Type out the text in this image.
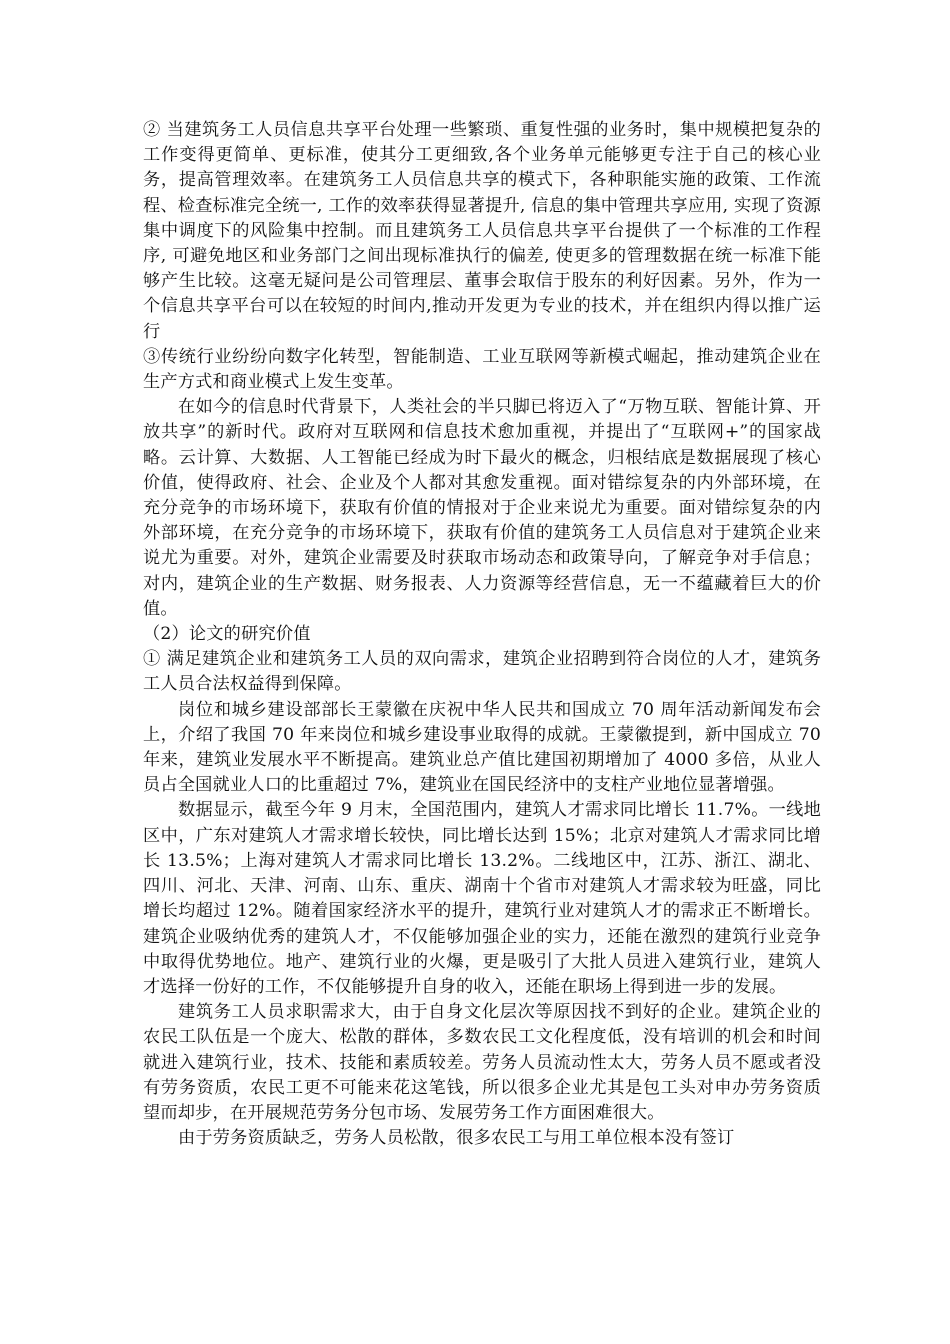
② 当建筑务工人员信息共享平台处理一些繁琐、重复性强的业务时，集中规模把复杂的工作变得更简单、更标准，使其分工更细致,各个业务单元能够更专注于自己的核心业务，提高管理效率。在建筑务工人员信息共享的模式下，各种职能实施的政策、工作流程、检查标准完全统一, 工作的效率获得显著提升, 信息的集中管理共享应用, 实现了资源集中调度下的风险集中控制。而且建筑务工人员信息共享平台提供了一个标准的工作程序, 可避免地区和业务部门之间出现标准执行的偏差, 使更多的管理数据在统一标准下能够产生比较。这毫无疑问是公司管理层、董事会取信于股东的利好因素。另外，作为一个信息共享平台可以在较短的时间内,推动开发更为专业的技术，并在组织内得以推广运行

③传统行业纷纷向数字化转型，智能制造、工业互联网等新模式崛起，推动建筑企业在生产方式和商业模式上发生变革。

在如今的信息时代背景下，人类社会的半只脚已将迈入了“万物互联、智能计算、开放共享”的新时代。政府对互联网和信息技术愈加重视，并提出了“互联网+”的国家战略。云计算、大数据、人工智能已经成为时下最火的概念，归根结底是数据展现了核心价值，使得政府、社会、企业及个人都对其愈发重视。面对错综复杂的内外部环境，在充分竞争的市场环境下，获取有价值的情报对于企业来说尤为重要。面对错综复杂的内外部环境，在充分竞争的市场环境下，获取有价值的建筑务工人员信息对于建筑企业来说尤为重要。对外，建筑企业需要及时获取市场动态和政策导向，了解竞争对手信息；对内，建筑企业的生产数据、财务报表、人力资源等经营信息，无一不蕴藏着巨大的价值。

（2）论文的研究价值

① 满足建筑企业和建筑务工人员的双向需求，建筑企业招聘到符合岗位的人才，建筑务工人员合法权益得到保障。

岗位和城乡建设部部长王蒙徽在庆祝中华人民共和国成立 70 周年活动新闻发布会上，介绍了我国 70 年来岗位和城乡建设事业取得的成就。王蒙徽提到，新中国成立 70 年来，建筑业发展水平不断提高。建筑业总产值比建国初期增加了 4000 多倍，从业人员占全国就业人口的比重超过 7%，建筑业在国民经济中的支柱产业地位显著增强。

数据显示，截至今年 9 月末，全国范围内，建筑人才需求同比增长 11.7%。一线地区中，广东对建筑人才需求增长较快，同比增长达到 15%；北京对建筑人才需求同比增长 13.5%；上海对建筑人才需求同比增长 13.2%。二线地区中，江苏、浙江、湖北、四川、河北、天津、河南、山东、重庆、湖南十个省市对建筑人才需求较为旺盛，同比增长均超过 12%。随着国家经济水平的提升，建筑行业对建筑人才的需求正不断增长。建筑企业吸纳优秀的建筑人才，不仅能够加强企业的实力，还能在激烈的建筑行业竞争中取得优势地位。地产、建筑行业的火爆，更是吸引了大批人员进入建筑行业，建筑人才选择一份好的工作，不仅能够提升自身的收入，还能在职场上得到进一步的发展。

建筑务工人员求职需求大，由于自身文化层次等原因找不到好的企业。建筑企业的农民工队伍是一个庞大、松散的群体，多数农民工文化程度低，没有培训的机会和时间就进入建筑行业，技术、技能和素质较差。劳务人员流动性太大，劳务人员不愿或者没有劳务资质，农民工更不可能来花这笔钱，所以很多企业尤其是包工头对申办劳务资质望而却步，在开展规范劳务分包市场、发展劳务工作方面困难很大。

由于劳务资质缺乏，劳务人员松散，很多农民工与用工单位根本没有签订
